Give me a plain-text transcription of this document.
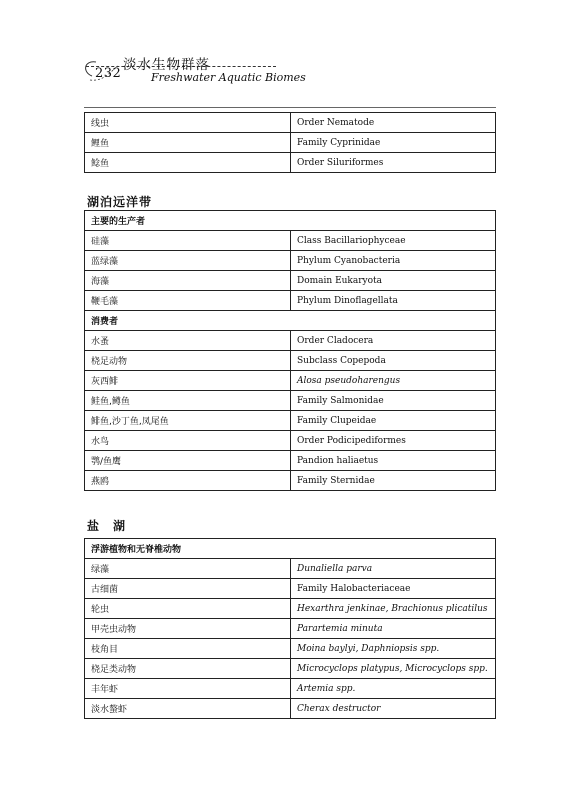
232
淡水生物群落
Freshwater Aquatic Biomes
线虫	Order Nematode
鲤鱼	Family Cyprinidae
鲶鱼	Order Siluriformes
湖泊远洋带
主要的生产者	
硅藻	Class Bacillariophyceae
蓝绿藻	Phylum Cyanobacteria
海藻	Domain Eukaryota
鞭毛藻	Phylum Dinoflagellata
消费者	
水蚤	Order Cladocera
桡足动物	Subclass Copepoda
灰西鲱	Alosa pseudoharengus
鲑鱼,鳟鱼	Family Salmonidae
鲱鱼,沙丁鱼,凤尾鱼	Family Clupeidae
水鸟	Order Podicipediformes
鹗/鱼鹰	Pandion haliaetus
燕鸥	Family Sternidae
盐　湖
浮游植物和无脊椎动物	
绿藻	Dunaliella parva
古细菌	Family Halobacteriaceae
轮虫	Hexarthra jenkinae, Brachionus plicatilus
甲壳虫动物	Parartemia minuta
枝角目	Moina baylyi, Daphniopsis spp.
桡足类动物	Microcyclops platypus, Microcyclops spp.
丰年虾	Artemia spp.
淡水螯虾	Cherax destructor
